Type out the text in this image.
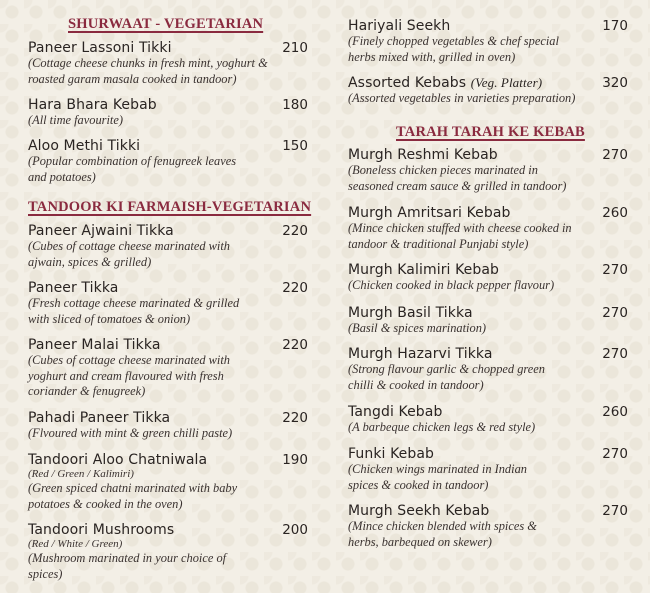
SHURWAAT - VEGETARIAN
Paneer Lassoni Tikki	210
(Cottage cheese chunks in fresh mint, yoghurt & roasted garam masala cooked in tandoor)
Hara Bhara Kebab	180
(All time favourite)
Aloo Methi Tikki	150
(Popular combination of fenugreek leaves and potatoes)
TANDOOR KI FARMAISH-VEGETARIAN
Paneer Ajwaini Tikka	220
(Cubes of cottage cheese marinated with ajwain, spices & grilled)
Paneer Tikka	220
(Fresh cottage cheese marinated & grilled with sliced of tomatoes & onion)
Paneer Malai Tikka	220
(Cubes of cottage cheese marinated with yoghurt and cream flavoured with fresh coriander & fenugreek)
Pahadi Paneer Tikka	220
(Flvoured with mint & green chilli paste)
Tandoori Aloo Chatniwala	190
(Red / Green / Kalimiri)
(Green spiced chatni marinated with baby potatoes & cooked in the oven)
Tandoori Mushrooms	200
(Red / White / Green)
(Mushroom marinated in your choice of spices)
Hariyali Seekh	170
(Finely chopped vegetables & chef special herbs mixed with, grilled in oven)
Assorted Kebabs (Veg. Platter)	320
(Assorted vegetables in varieties preparation)
TARAH TARAH KE KEBAB
Murgh Reshmi Kebab	270
(Boneless chicken pieces marinated in seasoned cream sauce & grilled in tandoor)
Murgh Amritsari Kebab	260
(Mince chicken stuffed with cheese cooked in tandoor & traditional Punjabi style)
Murgh Kalimiri Kebab	270
(Chicken cooked in black pepper flavour)
Murgh Basil Tikka	270
(Basil & spices marination)
Murgh Hazarvi Tikka	270
(Strong flavour garlic & chopped green chilli & cooked in tandoor)
Tangdi Kebab	260
(A barbeque chicken legs & red style)
Funki Kebab	270
(Chicken wings marinated in Indian spices & cooked in tandoor)
Murgh Seekh Kebab	270
(Mince chicken blended with spices & herbs, barbequed on skewer)
